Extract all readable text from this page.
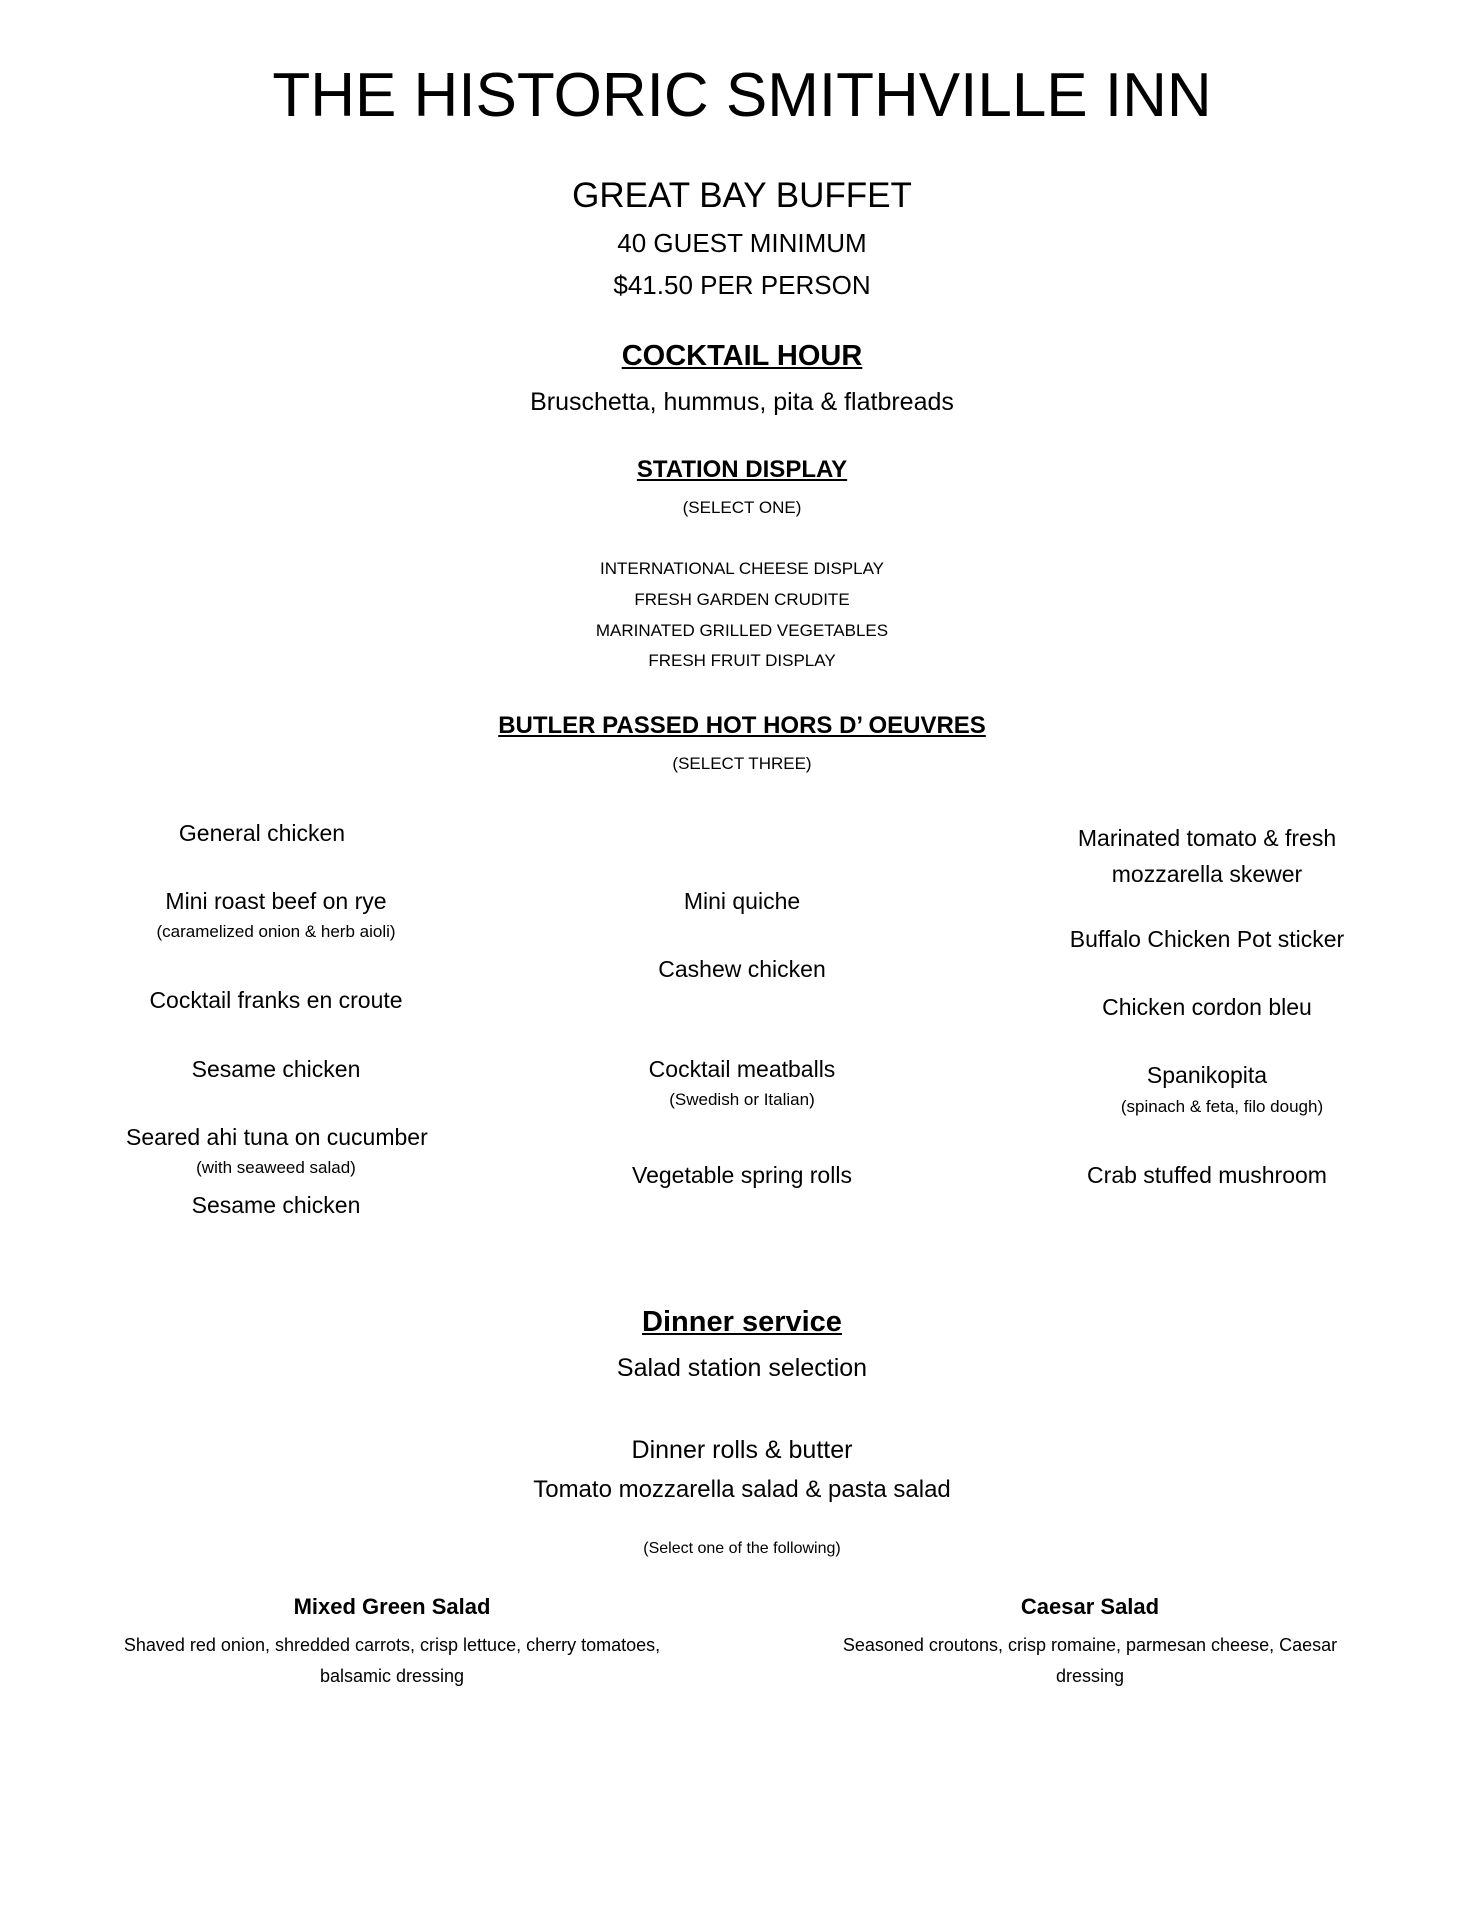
THE HISTORIC SMITHVILLE INN
GREAT BAY BUFFET
40 GUEST MINIMUM
$41.50 PER PERSON
COCKTAIL HOUR
Bruschetta, hummus, pita & flatbreads
STATION DISPLAY
(SELECT ONE)
INTERNATIONAL CHEESE DISPLAY
FRESH GARDEN CRUDITE
MARINATED GRILLED VEGETABLES
FRESH FRUIT DISPLAY
BUTLER PASSED HOT HORS D’ OEUVRES
(SELECT THREE)
General chicken
Mini roast beef on rye
(caramelized onion & herb aioli)
Cocktail franks en croute
Sesame chicken
Seared ahi tuna on cucumber
(with seaweed salad)
Sesame chicken
Mini quiche
Cashew chicken
Cocktail meatballs
(Swedish or Italian)
Vegetable spring rolls
Marinated tomato & fresh mozzarella skewer
Buffalo Chicken Pot sticker
Chicken cordon bleu
Spanikopita
(spinach & feta, filo dough)
Crab stuffed mushroom
Dinner service
Salad station selection
Dinner rolls & butter
Tomato mozzarella salad & pasta salad
(Select one of the following)
Mixed Green Salad
Shaved red onion, shredded carrots, crisp lettuce, cherry tomatoes, balsamic dressing
Caesar Salad
Seasoned croutons, crisp romaine, parmesan cheese, Caesar dressing
